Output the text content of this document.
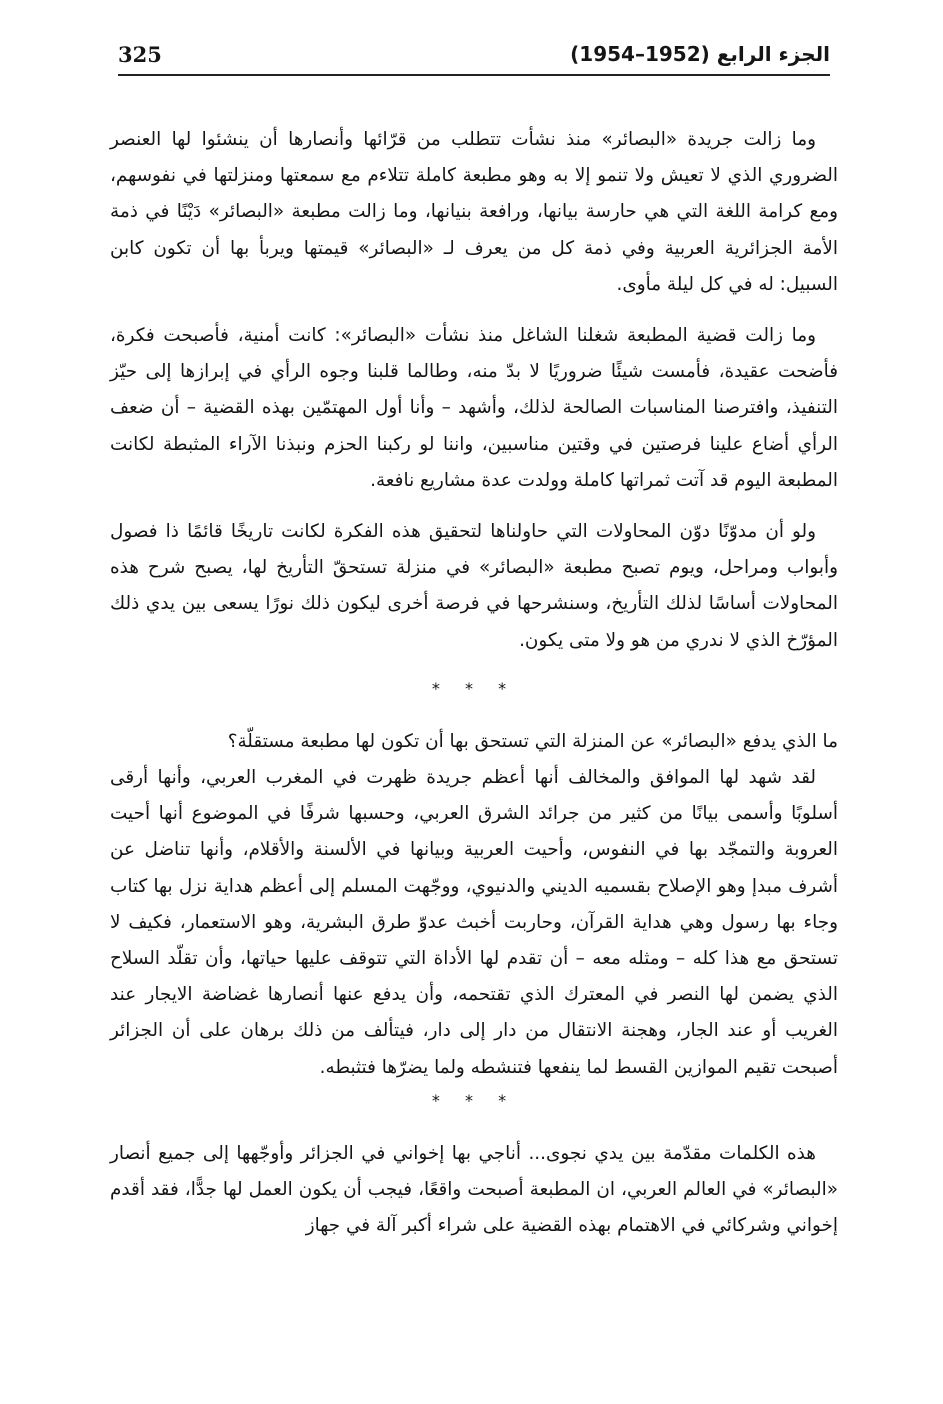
325	الجزء الرابع (1952–1954)

وما زالت جريدة «البصائر» منذ نشأت تتطلب من قرّائها وأنصارها أن ينشئوا لها العنصر الضروري الذي لا تعيش ولا تنمو إلا به وهو مطبعة كاملة تتلاءم مع سمعتها ومنزلتها في نفوسهم، ومع كرامة اللغة التي هي حارسة بيانها، ورافعة بنيانها، وما زالت مطبعة «البصائر» دَيْنًا في ذمة الأمة الجزائرية العربية وفي ذمة كل من يعرف لـ «البصائر» قيمتها ويربأ بها أن تكون كابن السبيل: له في كل ليلة مأوى.

وما زالت قضية المطبعة شغلنا الشاغل منذ نشأت «البصائر»: كانت أمنية، فأصبحت فكرة، فأضحت عقيدة، فأمست شيئًا ضروريًا لا بدّ منه، وطالما قلبنا وجوه الرأي في إبرازها إلى حيّز التنفيذ، وافترصنا المناسبات الصالحة لذلك، وأشهد – وأنا أول المهتمّين بهذه القضية – أن ضعف الرأي أضاع علينا فرصتين في وقتين مناسبين، واننا لو ركبنا الحزم ونبذنا الآراء المثبطة لكانت المطبعة اليوم قد آتت ثمراتها كاملة وولدت عدة مشاريع نافعة.

ولو أن مدوّنًا دوّن المحاولات التي حاولناها لتحقيق هذه الفكرة لكانت تاريخًا قائمًا ذا فصول وأبواب ومراحل، ويوم تصبح مطبعة «البصائر» في منزلة تستحقّ التأريخ لها، يصبح شرح هذه المحاولات أساسًا لذلك التأريخ، وسنشرحها في فرصة أخرى ليكون ذلك نورًا يسعى بين يدي ذلك المؤرّخ الذي لا ندري من هو ولا متى يكون.

* * *

ما الذي يدفع «البصائر» عن المنزلة التي تستحق بها أن تكون لها مطبعة مستقلّة؟

لقد شهد لها الموافق والمخالف أنها أعظم جريدة ظهرت في المغرب العربي، وأنها أرقى أسلوبًا وأسمى بيانًا من كثير من جرائد الشرق العربي، وحسبها شرفًا في الموضوع أنها أحيت العروبة والتمجّد بها في النفوس، وأحيت العربية وبيانها في الألسنة والأقلام، وأنها تناضل عن أشرف مبدإ وهو الإصلاح بقسميه الديني والدنيوي، ووجّهت المسلم إلى أعظم هداية نزل بها كتاب وجاء بها رسول وهي هداية القرآن، وحاربت أخبث عدوّ طرق البشرية، وهو الاستعمار، فكيف لا تستحق مع هذا كله – ومثله معه – أن تقدم لها الأداة التي تتوقف عليها حياتها، وأن تقلّد السلاح الذي يضمن لها النصر في المعترك الذي تقتحمه، وأن يدفع عنها أنصارها غضاضة الايجار عند الغريب أو عند الجار، وهجنة الانتقال من دار إلى دار، فيتألف من ذلك برهان على أن الجزائر أصبحت تقيم الموازين القسط لما ينفعها فتنشطه ولما يضرّها فتثبطه.

* * *

هذه الكلمات مقدّمة بين يدي نجوى... أناجي بها إخواني في الجزائر وأوجّهها إلى جميع أنصار «البصائر» في العالم العربي، ان المطبعة أصبحت واقعًا، فيجب أن يكون العمل لها جدًّا، فقد أقدم إخواني وشركائي في الاهتمام بهذه القضية على شراء أكبر آلة في جهاز
